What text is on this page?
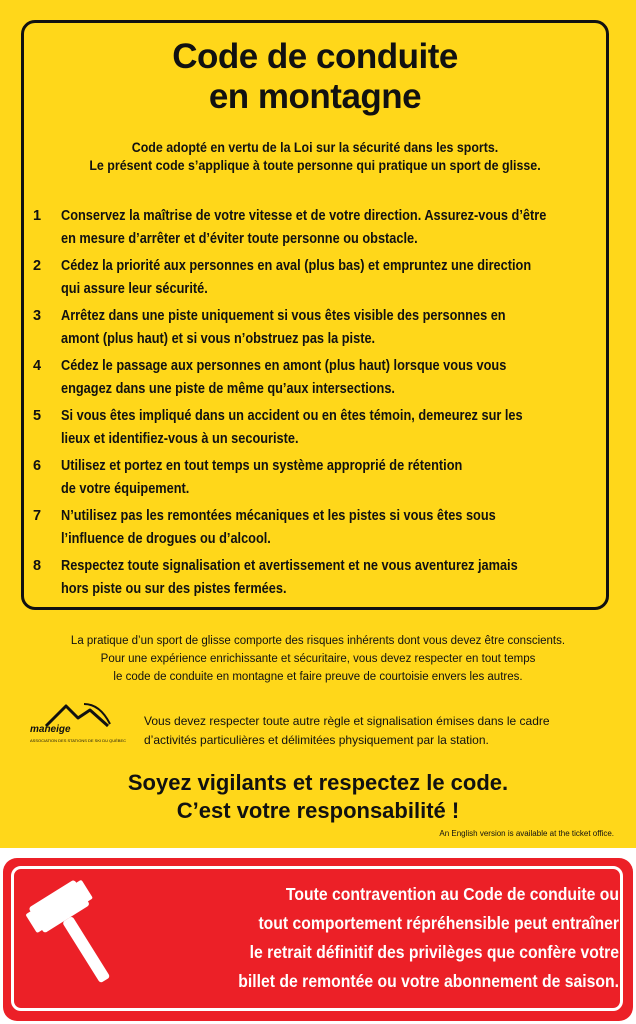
Code de conduite
en montagne
Code adopté en vertu de la Loi sur la sécurité dans les sports.
Le présent code s’applique à toute personne qui pratique un sport de glisse.
1	Conservez la maîtrise de votre vitesse et de votre direction. Assurez-vous d’être
en mesure d’arrêter et d’éviter toute personne ou obstacle.
2	Cédez la priorité aux personnes en aval (plus bas) et empruntez une direction
qui assure leur sécurité.
3	Arrêtez dans une piste uniquement si vous êtes visible des personnes en
amont (plus haut) et si vous n’obstruez pas la piste.
4	Cédez le passage aux personnes en amont (plus haut) lorsque vous vous
engagez dans une piste de même qu’aux intersections.
5	Si vous êtes impliqué dans un accident ou en êtes témoin, demeurez sur les
lieux et identifiez-vous à un secouriste.
6	Utilisez et portez en tout temps un système approprié de rétention
de votre équipement.
7	N’utilisez pas les remontées mécaniques et les pistes si vous êtes sous
l’influence de drogues ou d’alcool.
8	Respectez toute signalisation et avertissement et ne vous aventurez jamais
hors piste ou sur des pistes fermées.
La pratique d’un sport de glisse comporte des risques inhérents dont vous devez être conscients.
Pour une expérience enrichissante et sécuritaire, vous devez respecter en tout temps
le code de conduite en montagne et faire preuve de courtoisie envers les autres.
maneige
ASSOCIATION DES STATIONS DE SKI DU QUÉBEC
Vous devez respecter toute autre règle et signalisation émises dans le cadre
d’activités particulières et délimitées physiquement par la station.
Soyez vigilants et respectez le code.
C’est votre responsabilité !
An English version is available at the ticket office.
Toute contravention au Code de conduite ou
tout comportement répréhensible peut entraîner
le retrait définitif des privilèges que confère votre
billet de remontée ou votre abonnement de saison.
